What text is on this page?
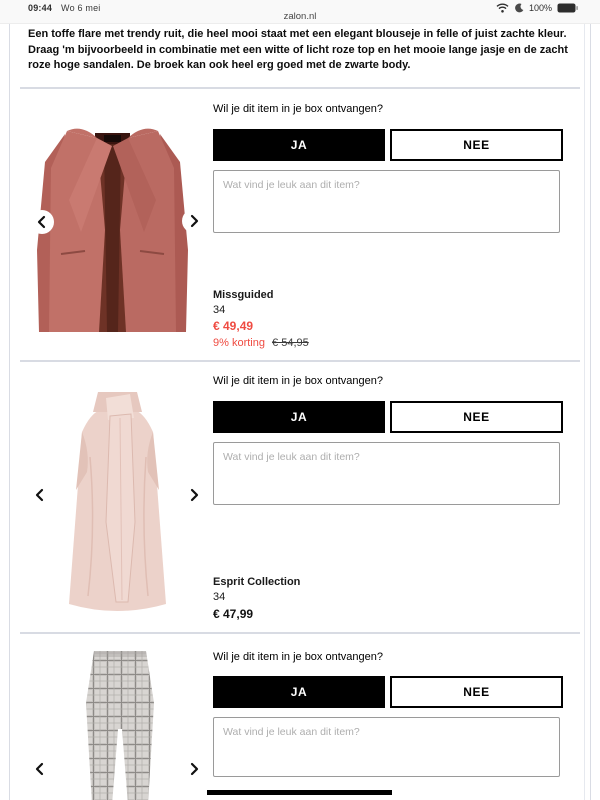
09:44 Wo 6 mei
zalon.nl
100%

Een toffe flare met trendy ruit, die heel mooi staat met een elegant blouseje in felle of juist zachte kleur. Draag 'm bijvoorbeeld in combinatie met een witte of licht roze top en het mooie lange jasje en de zacht roze hoge sandalen. De broek kan ook heel erg goed met de zwarte body.

Wil je dit item in je box ontvangen?
JA	NEE
Wat vind je leuk aan dit item?
Missguided
34
€ 49,49
9% korting € 54,95
Wil je dit item in je box ontvangen?
JA	NEE
Wat vind je leuk aan dit item?
Esprit Collection
34
€ 47,99
Wil je dit item in je box ontvangen?
JA	NEE
Wat vind je leuk aan dit item?
